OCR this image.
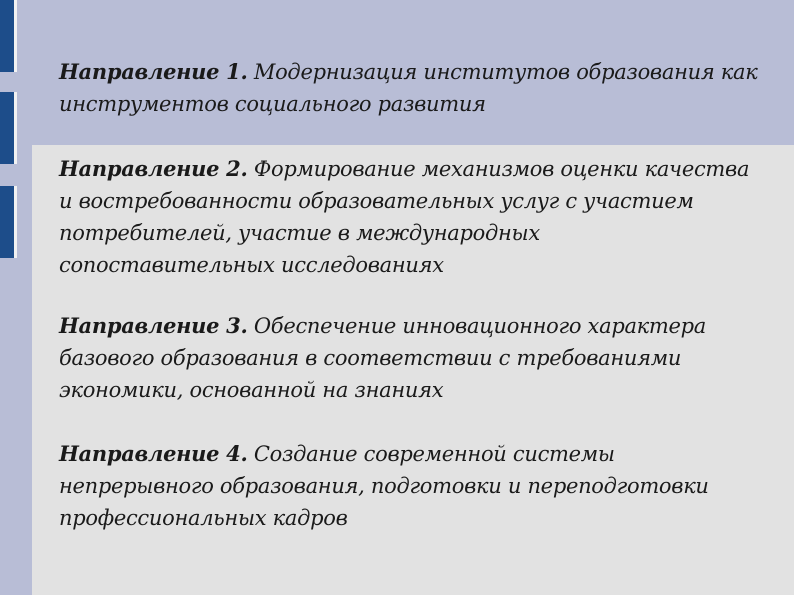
Направление 1. Модернизация институтов образования как инструментов социального развития

Направление 2. Формирование механизмов оценки качества и востребованности образовательных услуг с участием потребителей, участие в международных сопоставительных исследованиях

Направление 3. Обеспечение инновационного характера базового образования в соответствии с требованиями экономики, основанной на знаниях

Направление 4. Создание современной системы непрерывного образования, подготовки и переподготовки профессиональных кадров
